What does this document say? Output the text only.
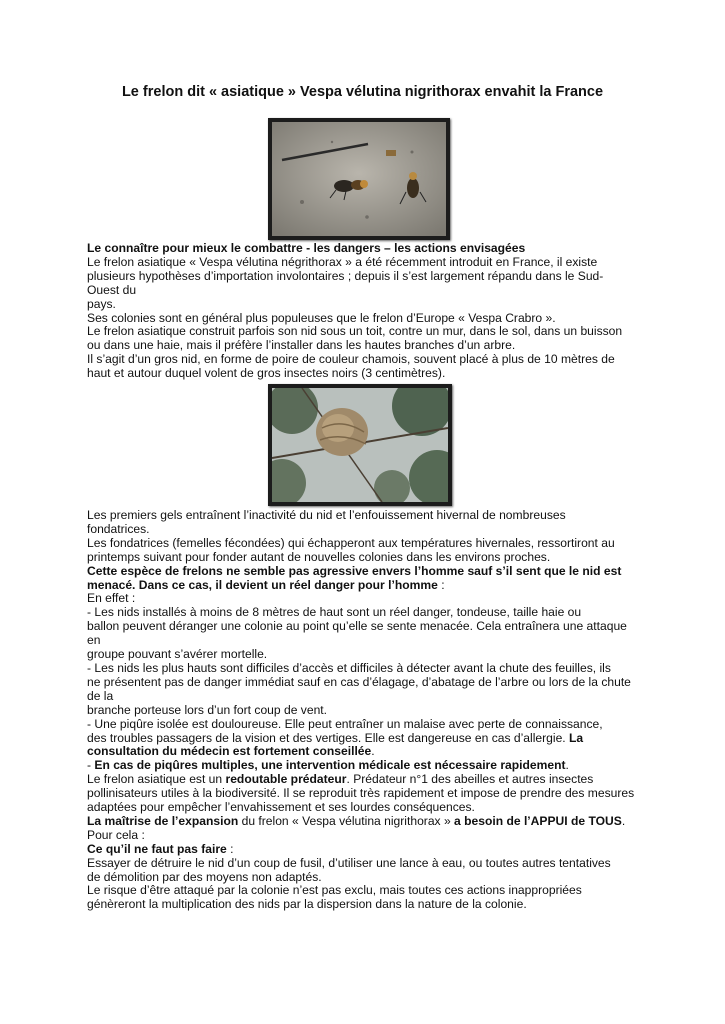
Le frelon dit « asiatique » Vespa vélutina nigrithorax envahit la France

Le connaître pour mieux le combattre - les dangers – les actions envisagées

Le frelon asiatique « Vespa vélutina négrithorax » a été récemment introduit en France, il existe

plusieurs hypothèses d’importation involontaires ; depuis il s’est largement répandu dans le Sud-

Ouest du

pays.

Ses colonies sont en général plus populeuses que le frelon d’Europe « Vespa Crabro ».

Le frelon asiatique construit parfois son nid sous un toit, contre un mur, dans le sol, dans un buisson

ou dans une haie, mais il préfère l’installer dans les hautes branches d’un arbre.

Il s’agit d’un gros nid, en forme de poire de couleur chamois, souvent placé à plus de 10 mètres de

haut et autour duquel volent de gros insectes noirs (3 centimètres).

Les premiers gels entraînent l’inactivité du nid et l’enfouissement hivernal de nombreuses

fondatrices.

Les fondatrices (femelles fécondées) qui échapperont aux températures hivernales, ressortiront au

printemps suivant pour fonder autant de nouvelles colonies dans les environs proches.

Cette espèce de frelons ne semble pas agressive envers l’homme sauf s’il sent que le nid est

menacé. Dans ce cas, il devient un réel danger pour l’homme :

En effet :

- Les nids installés à moins de 8 mètres de haut sont un réel danger, tondeuse, taille haie ou

ballon peuvent déranger une colonie au point qu’elle se sente menacée. Cela entraînera une attaque

en

groupe pouvant s’avérer mortelle.

- Les nids les plus hauts sont difficiles d’accès et difficiles à détecter avant la chute des feuilles, ils

ne présentent pas de danger immédiat sauf en cas d’élagage, d’abatage de l’arbre ou lors de la chute

de la

branche porteuse lors d’un fort coup de vent.

- Une piqûre isolée est douloureuse. Elle peut entraîner un malaise avec perte de connaissance,

des troubles passagers de la vision et des vertiges. Elle est dangereuse en cas d’allergie. La

consultation du médecin est fortement conseillée.

- En cas de piqûres multiples, une intervention médicale est nécessaire rapidement.

Le frelon asiatique est un redoutable prédateur. Prédateur n°1 des abeilles et autres insectes

pollinisateurs utiles à la biodiversité. Il se reproduit très rapidement et impose de prendre des mesures

adaptées pour empêcher l’envahissement et ses lourdes conséquences.

La maîtrise de l’expansion du frelon « Vespa vélutina nigrithorax » a besoin de l’APPUI de TOUS.

Pour cela :

Ce qu’il ne faut pas faire :

Essayer de détruire le nid d’un coup de fusil, d’utiliser une lance à eau, ou toutes autres tentatives

de démolition par des moyens non adaptés.

Le risque d’être attaqué par la colonie n’est pas exclu, mais toutes ces actions inappropriées

génèreront la multiplication des nids par la dispersion dans la nature de la colonie.
